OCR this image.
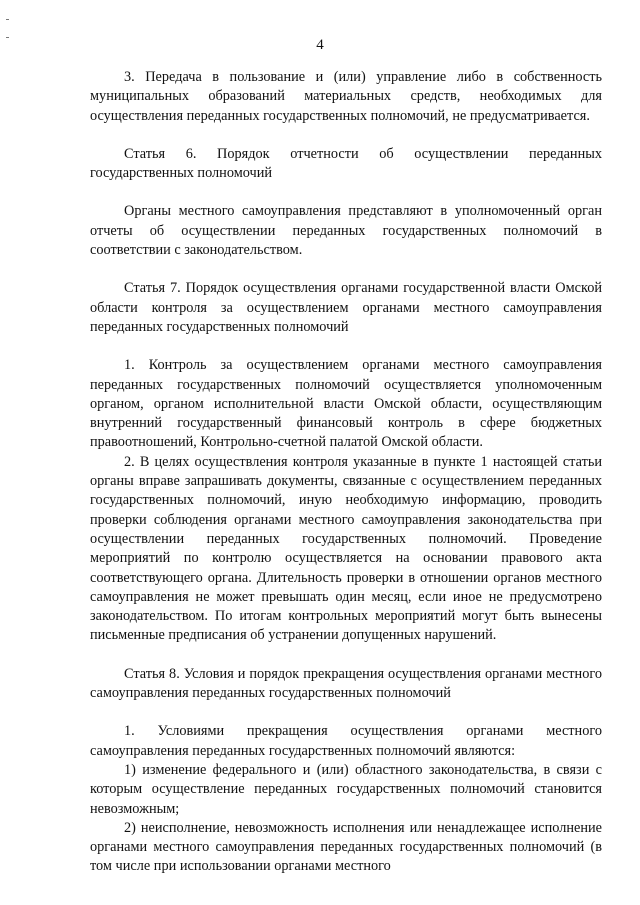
4

3. Передача в пользование и (или) управление либо в собственность муниципальных образований материальных средств, необходимых для осуществления переданных государственных полномочий, не предусматривается.

Статья 6. Порядок отчетности об осуществлении переданных государственных полномочий

Органы местного самоуправления представляют в уполномоченный орган отчеты об осуществлении переданных государственных полномочий в соответствии с законодательством.

Статья 7. Порядок осуществления органами государственной власти Омской области контроля за осуществлением органами местного самоуправления переданных государственных полномочий

1. Контроль за осуществлением органами местного самоуправления переданных государственных полномочий осуществляется уполномоченным органом, органом исполнительной власти Омской области, осуществляющим внутренний государственный финансовый контроль в сфере бюджетных правоотношений, Контрольно-счетной палатой Омской области.

2. В целях осуществления контроля указанные в пункте 1 настоящей статьи органы вправе запрашивать документы, связанные с осуществлением переданных государственных полномочий, иную необходимую информацию, проводить проверки соблюдения органами местного самоуправления законодательства при осуществлении переданных государственных полномочий. Проведение мероприятий по контролю осуществляется на основании правового акта соответствующего органа. Длительность проверки в отношении органов местного самоуправления не может превышать один месяц, если иное не предусмотрено законодательством. По итогам контрольных мероприятий могут быть вынесены письменные предписания об устранении допущенных нарушений.

Статья 8. Условия и порядок прекращения осуществления органами местного самоуправления переданных государственных полномочий

1. Условиями прекращения осуществления органами местного самоуправления переданных государственных полномочий являются:

1) изменение федерального и (или) областного законодательства, в связи с которым осуществление переданных государственных полномочий становится невозможным;

2) неисполнение, невозможность исполнения или ненадлежащее исполнение органами местного самоуправления переданных государственных полномочий (в том числе при использовании органами местного
